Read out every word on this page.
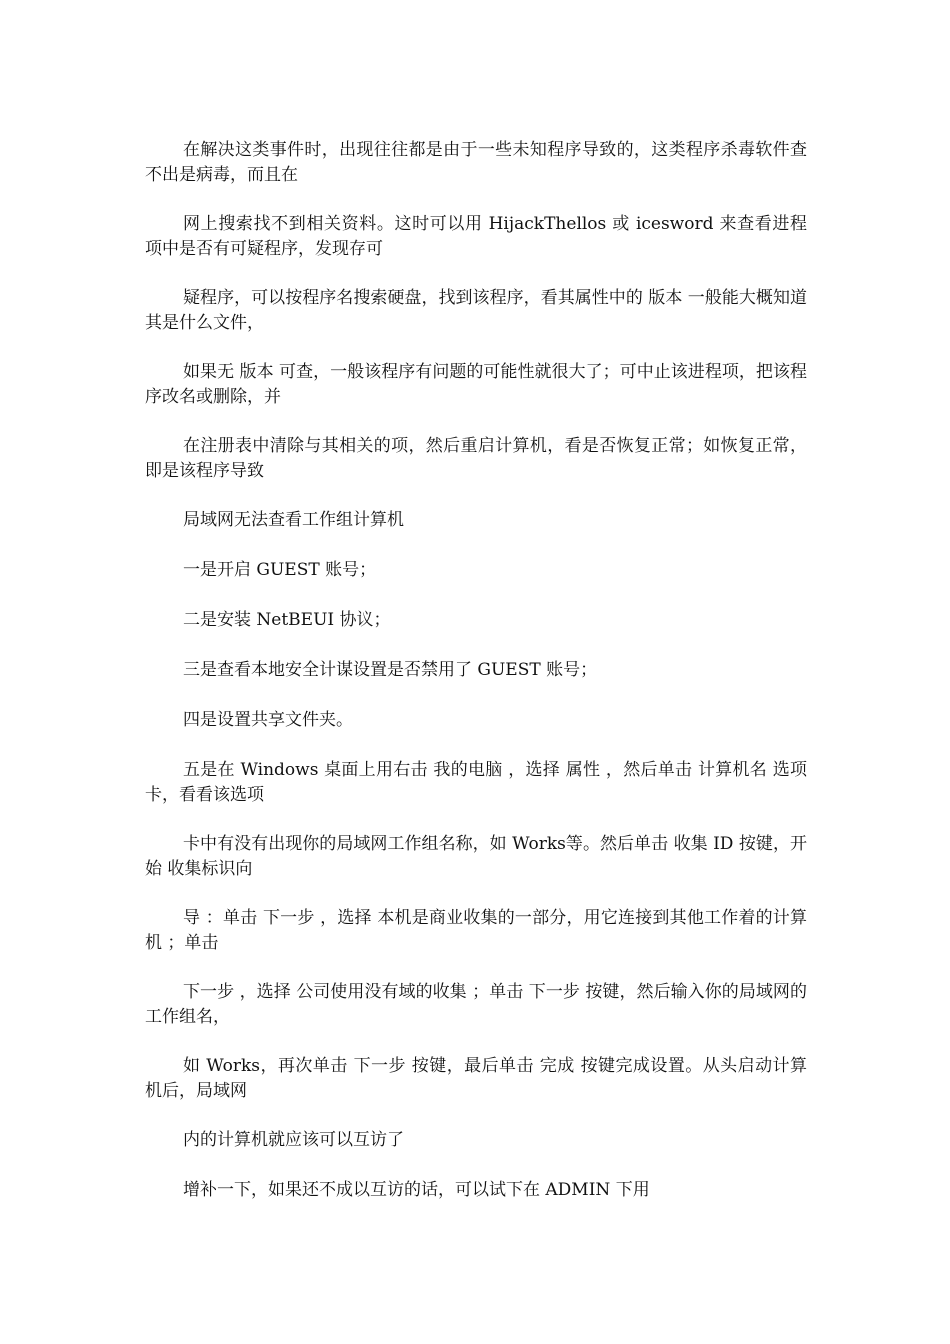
在解决这类事件时，出现往往都是由于一些未知程序导致的，这类程序杀毒软件查不出是病毒，而且在

网上搜索找不到相关资料。这时可以用 HijackThellos 或 icesword 来查看进程项中是否有可疑程序，发现存可

疑程序，可以按程序名搜索硬盘，找到该程序，看其属性中的 版本 一般能大概知道其是什么文件，

如果无 版本 可查，一般该程序有问题的可能性就很大了；可中止该进程项，把该程序改名或删除，并

在注册表中清除与其相关的项，然后重启计算机，看是否恢复正常；如恢复正常，即是该程序导致

局域网无法查看工作组计算机

一是开启 GUEST 账号；

二是安装 NetBEUI 协议；

三是查看本地安全计谋设置是否禁用了 GUEST 账号；

四是设置共享文件夹。

五是在 Windows 桌面上用右击 我的电脑 ，选择 属性 ，然后单击 计算机名 选项卡，看看该选项

卡中有没有出现你的局域网工作组名称，如 Works等。然后单击 收集 ID 按键，开始 收集标识向

导 ：单击 下一步 ，选择 本机是商业收集的一部分，用它连接到其他工作着的计算机 ；单击

下一步 ，选择 公司使用没有域的收集 ；单击 下一步 按键，然后输入你的局域网的工作组名，

如 Works，再次单击 下一步 按键，最后单击 完成 按键完成设置。从头启动计算机后，局域网

内的计算机就应该可以互访了

增补一下，如果还不成以互访的话，可以试下在 ADMIN 下用
